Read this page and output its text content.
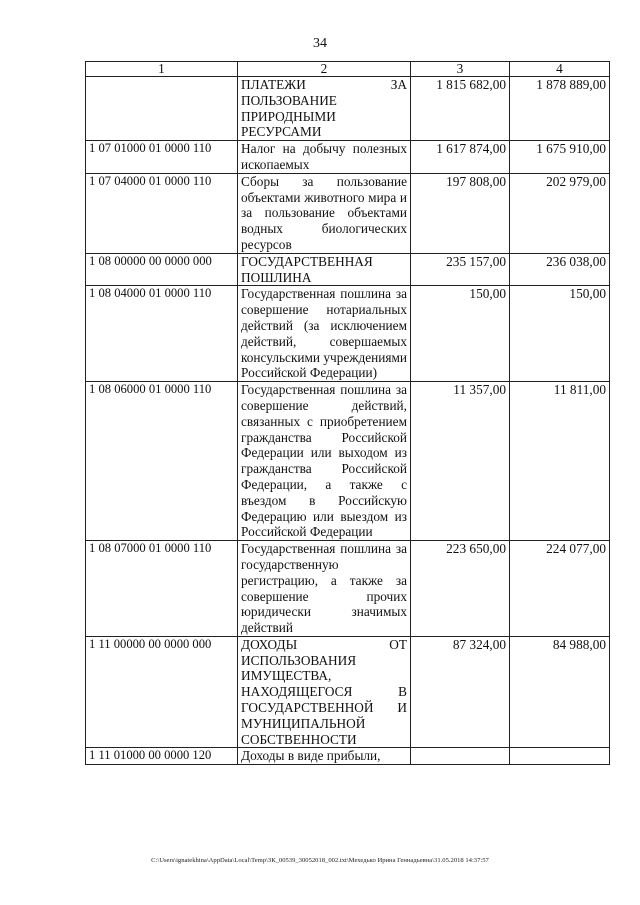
34
1	2	3	4
	ПЛАТЕЖИ ЗА ПОЛЬЗОВАНИЕ ПРИРОДНЫМИ РЕСУРСАМИ	1 815 682,00	1 878 889,00
1 07 01000 01 0000 110	Налог на добычу полезных ископаемых	1 617 874,00	1 675 910,00
1 07 04000 01 0000 110	Сборы за пользование объектами животного мира и за пользование объектами водных биологических ресурсов	197 808,00	202 979,00
1 08 00000 00 0000 000	ГОСУДАРСТВЕННАЯ ПОШЛИНА	235 157,00	236 038,00
1 08 04000 01 0000 110	Государственная пошлина за совершение нотариальных действий (за исключением действий, совершаемых консульскими учреждениями Российской Федерации)	150,00	150,00
1 08 06000 01 0000 110	Государственная пошлина за совершение действий, связанных с приобретением гражданства Российской Федерации или выходом из гражданства Российской Федерации, а также с въездом в Российскую Федерацию или выездом из Российской Федерации	11 357,00	11 811,00
1 08 07000 01 0000 110	Государственная пошлина за государственную регистрацию, а также за совершение прочих юридически значимых действий	223 650,00	224 077,00
1 11 00000 00 0000 000	ДОХОДЫ ОТ ИСПОЛЬЗОВАНИЯ ИМУЩЕСТВА, НАХОДЯЩЕГОСЯ В ГОСУДАРСТВЕННОЙ И МУНИЦИПАЛЬНОЙ СОБСТВЕННОСТИ	87 324,00	84 988,00
1 11 01000 00 0000 120	Доходы в виде прибыли,		
C:\Users\ignatekhina\AppData\Local\Temp\ЗК_00539_30052018_002.txt\Мехедько Ирина Геннадьевна\31.05.2018 14:37:57
